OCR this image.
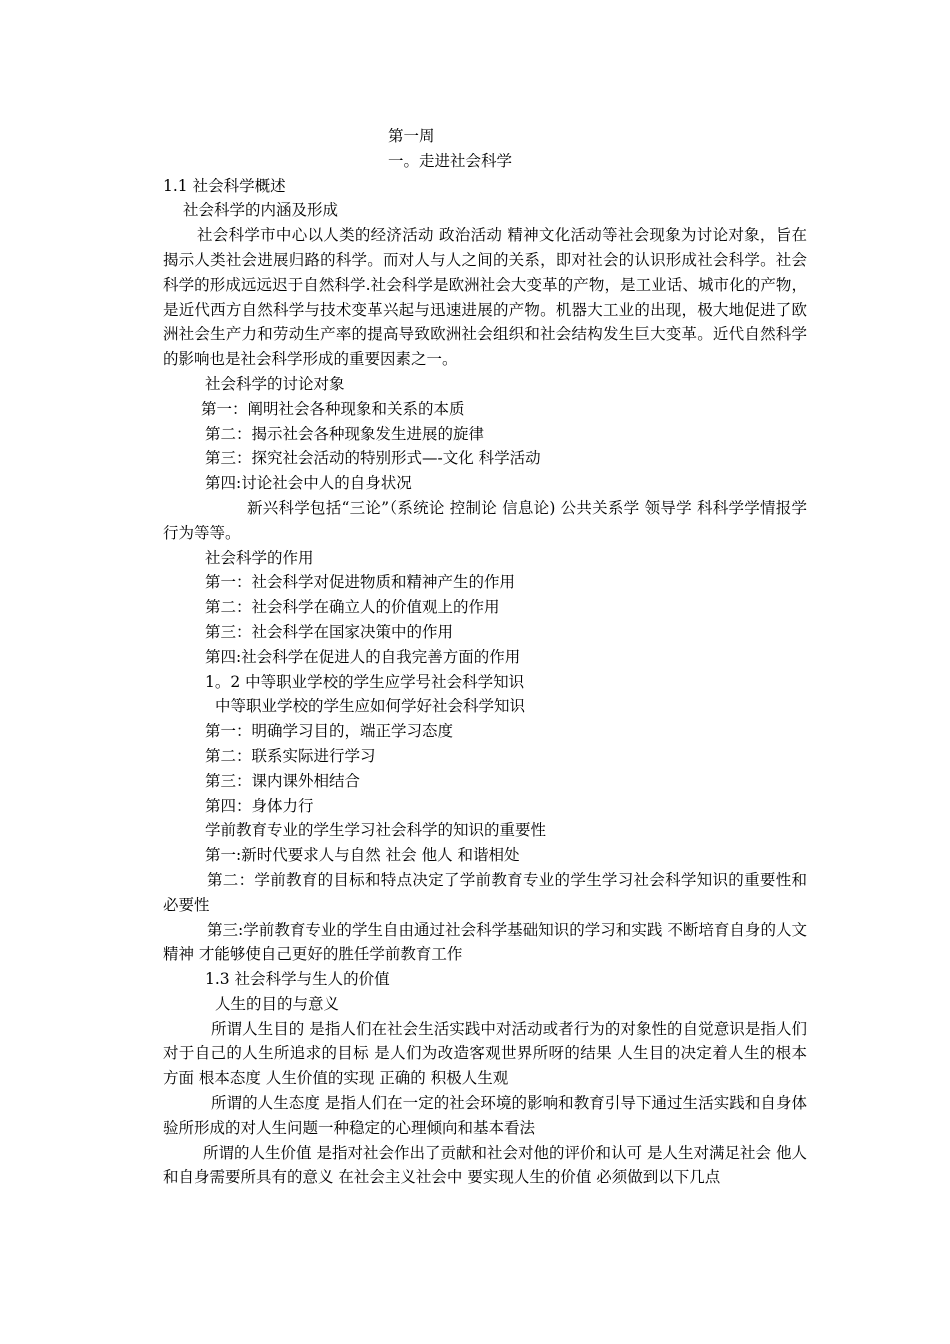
第一周

一。走进社会科学

1.1 社会科学概述

社会科学的内涵及形成

社会科学市中心以人类的经济活动 政治活动 精神文化活动等社会现象为讨论对象，旨在揭示人类社会进展归路的科学。而对人与人之间的关系，即对社会的认识形成社会科学。社会科学的形成远远迟于自然科学.社会科学是欧洲社会大变革的产物，是工业话、城市化的产物，是近代西方自然科学与技术变革兴起与迅速进展的产物。机器大工业的出现，极大地促进了欧洲社会生产力和劳动生产率的提高导致欧洲社会组织和社会结构发生巨大变革。近代自然科学的影响也是社会科学形成的重要因素之一。

社会科学的讨论对象

第一：阐明社会各种现象和关系的本质

第二：揭示社会各种现象发生进展的旋律

第三：探究社会活动的特别形式—-文化 科学活动

第四:讨论社会中人的自身状况

新兴科学包括“三论”（系统论 控制论 信息论) 公共关系学 领导学 科科学学情报学 行为等等。

社会科学的作用

第一：社会科学对促进物质和精神产生的作用

第二：社会科学在确立人的价值观上的作用

第三：社会科学在国家决策中的作用

第四:社会科学在促进人的自我完善方面的作用

1。2 中等职业学校的学生应学号社会科学知识

中等职业学校的学生应如何学好社会科学知识

第一：明确学习目的，端正学习态度

第二：联系实际进行学习

第三：课内课外相结合

第四：身体力行

学前教育专业的学生学习社会科学的知识的重要性

第一:新时代要求人与自然 社会 他人 和谐相处

第二：学前教育的目标和特点决定了学前教育专业的学生学习社会科学知识的重要性和必要性

第三:学前教育专业的学生自由通过社会科学基础知识的学习和实践 不断培育自身的人文精神 才能够使自己更好的胜任学前教育工作

1.3 社会科学与生人的价值

人生的目的与意义

所谓人生目的 是指人们在社会生活实践中对活动或者行为的对象性的自觉意识是指人们对于自己的人生所追求的目标 是人们为改造客观世界所呀的结果 人生目的决定着人生的根本方面 根本态度 人生价值的实现 正确的 积极人生观

所谓的人生态度 是指人们在一定的社会环境的影响和教育引导下通过生活实践和自身体验所形成的对人生问题一种稳定的心理倾向和基本看法

所谓的人生价值 是指对社会作出了贡献和社会对他的评价和认可 是人生对满足社会 他人和自身需要所具有的意义 在社会主义社会中 要实现人生的价值 必须做到以下几点
